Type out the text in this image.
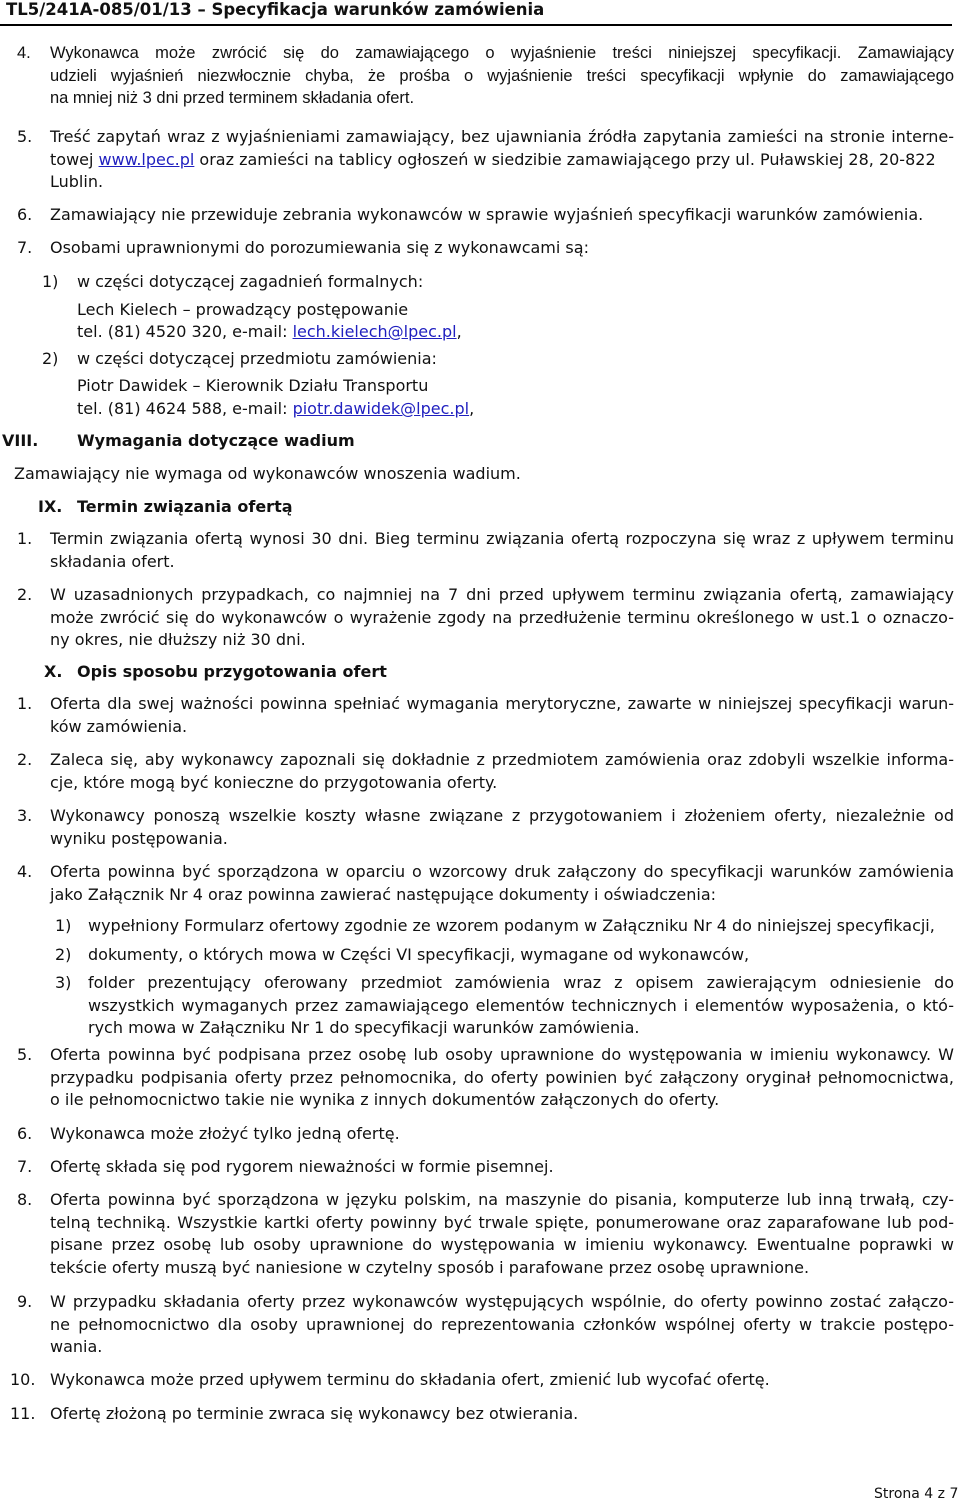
TL5/241A-085/01/13 – Specyfikacja warunków zamówienia
4. Wykonawca może zwrócić się do zamawiającego o wyjaśnienie treści niniejszej specyfikacji. Zamawiający
udzieli wyjaśnień niezwłocznie chyba, że prośba o wyjaśnienie treści specyfikacji wpłynie do zamawiającego
na mniej niż 3 dni przed terminem składania ofert.
5. Treść zapytań wraz z wyjaśnieniami zamawiający, bez ujawniania źródła zapytania zamieści na stronie interne-
towej www.lpec.pl oraz zamieści na tablicy ogłoszeń w siedzibie zamawiającego przy ul. Puławskiej 28, 20-822
Lublin.
6. Zamawiający nie przewiduje zebrania wykonawców w sprawie wyjaśnień specyfikacji warunków zamówienia.
7. Osobami uprawnionymi do porozumiewania się z wykonawcami są:
1) w części dotyczącej zagadnień formalnych:
Lech Kielech – prowadzący postępowanie
tel. (81) 4520 320, e-mail: lech.kielech@lpec.pl,
2) w części dotyczącej przedmiotu zamówienia:
Piotr Dawidek – Kierownik Działu Transportu
tel. (81) 4624 588, e-mail: piotr.dawidek@lpec.pl,
VIII. Wymagania dotyczące wadium
Zamawiający nie wymaga od wykonawców wnoszenia wadium.
IX. Termin związania ofertą
1. Termin związania ofertą wynosi 30 dni. Bieg terminu związania ofertą rozpoczyna się wraz z upływem terminu
składania ofert.
2. W uzasadnionych przypadkach, co najmniej na 7 dni przed upływem terminu związania ofertą, zamawiający
może zwrócić się do wykonawców o wyrażenie zgody na przedłużenie terminu określonego w ust.1 o oznaczo-
ny okres, nie dłuższy niż 30 dni.
X. Opis sposobu przygotowania ofert
1. Oferta dla swej ważności powinna spełniać wymagania merytoryczne, zawarte w niniejszej specyfikacji warun-
ków zamówienia.
2. Zaleca się, aby wykonawcy zapoznali się dokładnie z przedmiotem zamówienia oraz zdobyli wszelkie informa-
cje, które mogą być konieczne do przygotowania oferty.
3. Wykonawcy ponoszą wszelkie koszty własne związane z przygotowaniem i złożeniem oferty, niezależnie od
wyniku postępowania.
4. Oferta powinna być sporządzona w oparciu o wzorcowy druk załączony do specyfikacji warunków zamówienia
jako Załącznik Nr 4 oraz powinna zawierać następujące dokumenty i oświadczenia:
1) wypełniony Formularz ofertowy zgodnie ze wzorem podanym w Załączniku Nr 4 do niniejszej specyfikacji,
2) dokumenty, o których mowa w Części VI specyfikacji, wymagane od wykonawców,
3) folder prezentujący oferowany przedmiot zamówienia wraz z opisem zawierającym odniesienie do
wszystkich wymaganych przez zamawiającego elementów technicznych i elementów wyposażenia, o któ-
rych mowa w Załączniku Nr 1 do specyfikacji warunków zamówienia.
5. Oferta powinna być podpisana przez osobę lub osoby uprawnione do występowania w imieniu wykonawcy. W
przypadku podpisania oferty przez pełnomocnika, do oferty powinien być załączony oryginał pełnomocnictwa,
o ile pełnomocnictwo takie nie wynika z innych dokumentów załączonych do oferty.
6. Wykonawca może złożyć tylko jedną ofertę.
7. Ofertę składa się pod rygorem nieważności w formie pisemnej.
8. Oferta powinna być sporządzona w języku polskim, na maszynie do pisania, komputerze lub inną trwałą, czy-
telną techniką. Wszystkie kartki oferty powinny być trwale spięte, ponumerowane oraz zaparafowane lub pod-
pisane przez osobę lub osoby uprawnione do występowania w imieniu wykonawcy. Ewentualne poprawki w
tekście oferty muszą być naniesione w czytelny sposób i parafowane przez osobę uprawnione.
9. W przypadku składania oferty przez wykonawców występujących wspólnie, do oferty powinno zostać załączo-
ne pełnomocnictwo dla osoby uprawnionej do reprezentowania członków wspólnej oferty w trakcie postępo-
wania.
10. Wykonawca może przed upływem terminu do składania ofert, zmienić lub wycofać ofertę.
11. Ofertę złożoną po terminie zwraca się wykonawcy bez otwierania.
Strona 4 z 7
